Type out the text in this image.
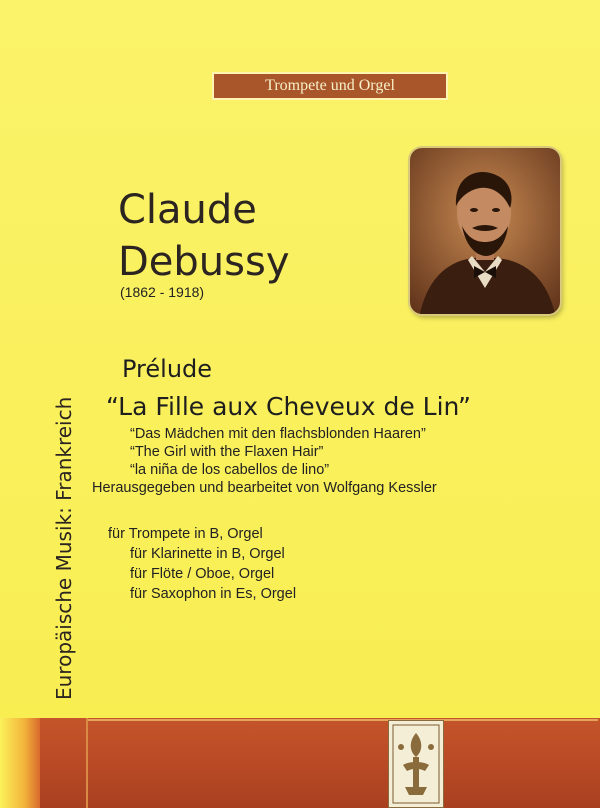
Trompete und Orgel
Claude
Debussy
(1862 - 1918)
Prélude
“La Fille aux Cheveux de Lin”
“Das Mädchen mit den flachsblonden Haaren”
“The Girl with the Flaxen Hair”
“la niña de los cabellos de lino”
Herausgegeben und bearbeitet von Wolfgang Kessler
für Trompete in B, Orgel
für Klarinette in B, Orgel
für Flöte / Oboe, Orgel
für Saxophon in Es, Orgel
Europäische Musik: Frankreich
